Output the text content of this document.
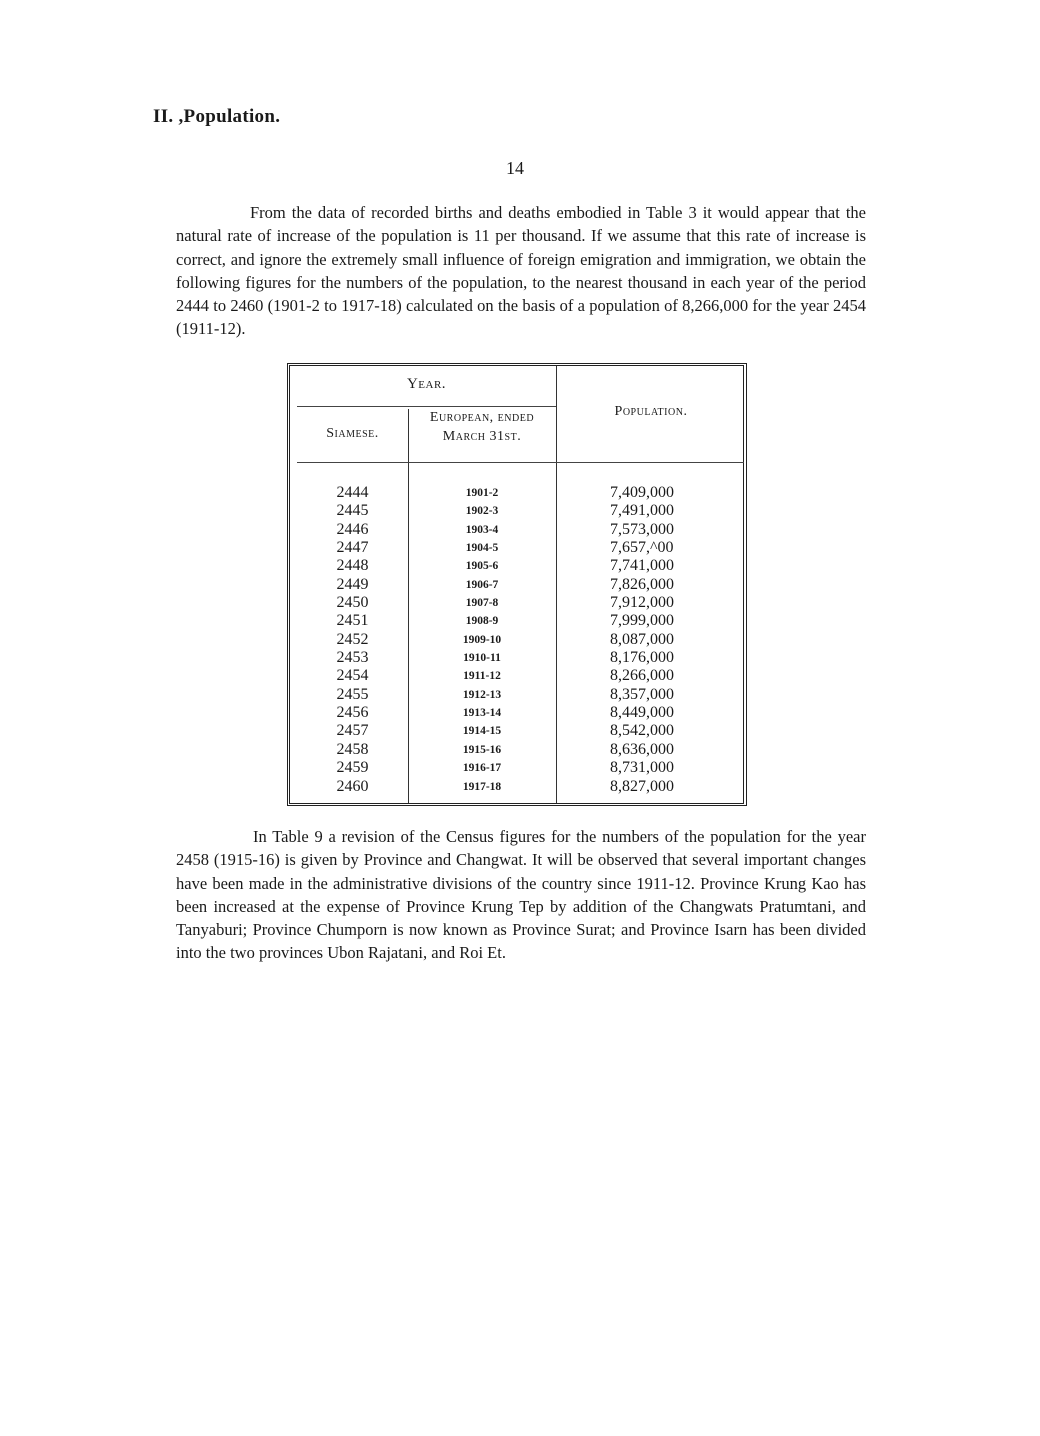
II. ,Population.
14

From the data of recorded births and deaths embodied in Table 3 it would appear that the natural rate of increase of the population is 11 per thousand. If we assume that this rate of increase is correct, and ignore the extremely small influence of foreign emigration and immigration, we obtain the following figures for the numbers of the population, to the nearest thousand in each year of the period 2444 to 2460 (1901-2 to 1917-18) calculated on the basis of a population of 8,266,000 for the year 2454 (1911-12).

Year.
Siamese.
European, ended March 31st.
Population.
2444	1901-2	7,409,000
2445	1902-3	7,491,000
2446	1903-4	7,573,000
2447	1904-5	7,657,^00
2448	1905-6	7,741,000
2449	1906-7	7,826,000
2450	1907-8	7,912,000
2451	1908-9	7,999,000
2452	1909-10	8,087,000
2453	1910-11	8,176,000
2454	1911-12	8,266,000
2455	1912-13	8,357,000
2456	1913-14	8,449,000
2457	1914-15	8,542,000
2458	1915-16	8,636,000
2459	1916-17	8,731,000
2460	1917-18	8,827,000

In Table 9 a revision of the Census figures for the numbers of the population for the year 2458 (1915-16) is given by Province and Changwat. It will be observed that several important changes have been made in the administrative divisions of the country since 1911-12. Province Krung Kao has been increased at the expense of Province Krung Tep by addition of the Changwats Pratumtani, and Tanyaburi; Province Chumporn is now known as Province Surat; and Province Isarn has been divided into the two provinces Ubon Rajatani, and Roi Et.
